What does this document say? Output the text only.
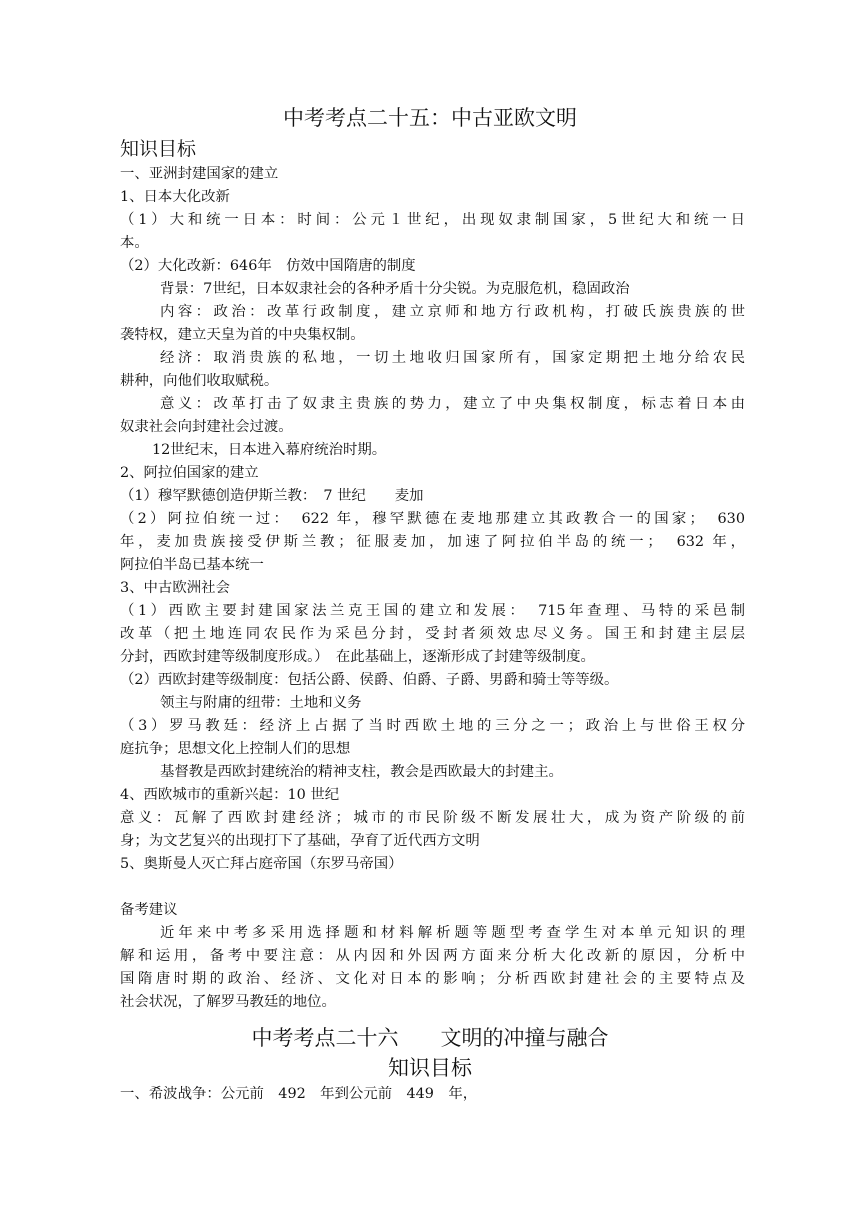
中考考点二十五：中古亚欧文明
知识目标
一、亚洲封建国家的建立
1、日本大化改新
（1）大和统一日本：时间：公元１世纪，出现奴隶制国家，5世纪大和统一日
本。
（2）大化改新：646年　仿效中国隋唐的制度
背景：7世纪，日本奴隶社会的各种矛盾十分尖锐。为克服危机，稳固政治
内容：政治：改革行政制度，建立京师和地方行政机构，打破氏族贵族的世
袭特权，建立天皇为首的中央集权制。
经济：取消贵族的私地，一切土地收归国家所有，国家定期把土地分给农民
耕种，向他们收取赋税。
意义：改革打击了奴隶主贵族的势力，建立了中央集权制度，标志着日本由
奴隶社会向封建社会过渡。
12世纪末，日本进入幕府统治时期。
2、阿拉伯国家的建立
（1）穆罕默德创造伊斯兰教：　7 世纪　　麦加
（2）阿拉伯统一过：　622 年，穆罕默德在麦地那建立其政教合一的国家；　630
年，麦加贵族接受伊斯兰教；征服麦加，加速了阿拉伯半岛的统一；　632 年，
阿拉伯半岛已基本统一
3、中古欧洲社会
（1）西欧主要封建国家法兰克王国的建立和发展：　715年查理、马特的采邑制
改革（把土地连同农民作为采邑分封，受封者须效忠尽义务。国王和封建主层层
分封，西欧封建等级制度形成。）　在此基础上，逐渐形成了封建等级制度。
（2）西欧封建等级制度：包括公爵、侯爵、伯爵、子爵、男爵和骑士等等级。
领主与附庸的纽带：土地和义务
（3）罗马教廷：经济上占据了当时西欧土地的三分之一；政治上与世俗王权分
庭抗争；思想文化上控制人们的思想
基督教是西欧封建统治的精神支柱，教会是西欧最大的封建主。
4、西欧城市的重新兴起：10 世纪
意义：瓦解了西欧封建经济；城市的市民阶级不断发展壮大，成为资产阶级的前
身；为文艺复兴的出现打下了基础，孕育了近代西方文明
5、奥斯曼人灭亡拜占庭帝国（东罗马帝国）
备考建议
近年来中考多采用选择题和材料解析题等题型考查学生对本单元知识的理
解和运用，备考中要注意：从内因和外因两方面来分析大化改新的原因，分析中
国隋唐时期的政治、经济、文化对日本的影响；分析西欧封建社会的主要特点及
社会状况，了解罗马教廷的地位。
中考考点二十六　　文明的冲撞与融合
知识目标
一、希波战争：公元前　492　年到公元前　449　年，
